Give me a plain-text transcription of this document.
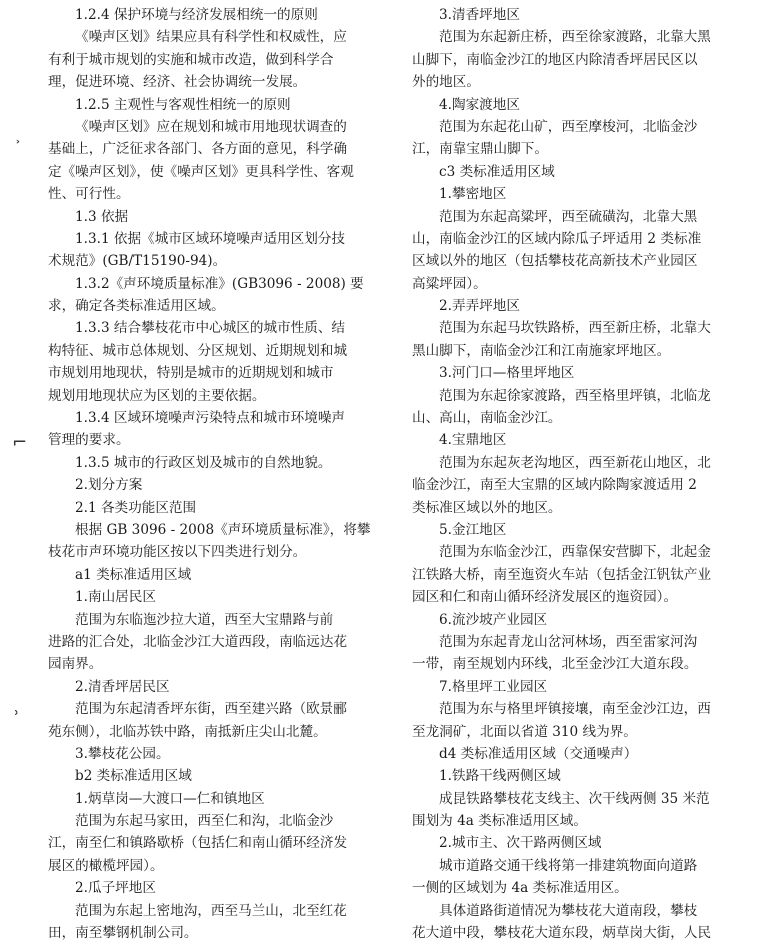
⌐
ʾ
1.2.4 保护环境与经济发展相统一的原则
《噪声区划》结果应具有科学性和权威性，应
有利于城市规划的实施和城市改造，做到科学合
理，促进环境、经济、社会协调统一发展。
1.2.5 主观性与客观性相统一的原则
《噪声区划》应在规划和城市用地现状调查的
基础上，广泛征求各部门、各方面的意见，科学确
定《噪声区划》，使《噪声区划》更具科学性、客观
性、可行性。
1.3 依据
1.3.1 依据《城市区域环境噪声适用区划分技
术规范》(GB/T15190-94)。
1.3.2《声环境质量标准》(GB3096 - 2008) 要
求，确定各类标准适用区域。
1.3.3 结合攀枝花市中心城区的城市性质、结
构特征、城市总体规划、分区规划、近期规划和城
市规划用地现状，特别是城市的近期规划和城市
规划用地现状应为区划的主要依据。
1.3.4 区域环境噪声污染特点和城市环境噪声
管理的要求。
1.3.5 城市的行政区划及城市的自然地貌。
2.划分方案
2.1 各类功能区范围
根据 GB 3096 - 2008《声环境质量标准》，将攀
枝花市声环境功能区按以下四类进行划分。
a1 类标准适用区域
1.南山居民区
范围为东临迤沙拉大道，西至大宝鼎路与前
进路的汇合处，北临金沙江大道西段，南临远达花
园南界。
2.清香坪居民区
范围为东起清香坪东街，西至建兴路（欧景郦
苑东侧），北临苏铁中路，南抵新庄尖山北麓。
3.攀枝花公园。
b2 类标准适用区域
1.炳草岗—大渡口—仁和镇地区
范围为东起马家田，西至仁和沟，北临金沙
江，南至仁和镇路歇桥（包括仁和南山循环经济发
展区的橄榄坪园）。
2.瓜子坪地区
范围为东起上密地沟，西至马兰山，北至红花
田，南至攀钢机制公司。
3.清香坪地区
范围为东起新庄桥，西至徐家渡路，北靠大黑
山脚下，南临金沙江的地区内除清香坪居民区以
外的地区。
4.陶家渡地区
范围为东起花山矿，西至摩梭河，北临金沙
江，南靠宝鼎山脚下。
c3 类标准适用区域
1.攀密地区
范围为东起高粱坪，西至硫磺沟，北靠大黑
山，南临金沙江的区域内除瓜子坪适用 2 类标准
区域以外的地区（包括攀枝花高新技术产业园区
高粱坪园）。
2.弄弄坪地区
范围为东起马坎铁路桥，西至新庄桥，北靠大
黑山脚下，南临金沙江和江南施家坪地区。
3.河门口—格里坪地区
范围为东起徐家渡路，西至格里坪镇，北临龙
山、高山，南临金沙江。
4.宝鼎地区
范围为东起灰老沟地区，西至新花山地区，北
临金沙江，南至大宝鼎的区域内除陶家渡适用 2
类标准区域以外的地区。
5.金江地区
范围为东临金沙江，西靠保安营脚下，北起金
江铁路大桥，南至迤资火车站（包括金江钒钛产业
园区和仁和南山循环经济发展区的迤资园）。
6.流沙坡产业园区
范围为东起青龙山岔河林场，西至雷家河沟
一带，南至规划内环线，北至金沙江大道东段。
7.格里坪工业园区
范围为东与格里坪镇接壤，南至金沙江边，西
至龙洞矿，北面以省道 310 线为界。
d4 类标准适用区域（交通噪声）
1.铁路干线两侧区域
成昆铁路攀枝花支线主、次干线两侧 35 米范
围划为 4a 类标准适用区域。
2.城市主、次干路两侧区域
城市道路交通干线将第一排建筑物面向道路
一侧的区域划为 4a 类标准适用区。
具体道路街道情况为攀枝花大道南段，攀枝
花大道中段，攀枝花大道东段，炳草岗大街，人民
